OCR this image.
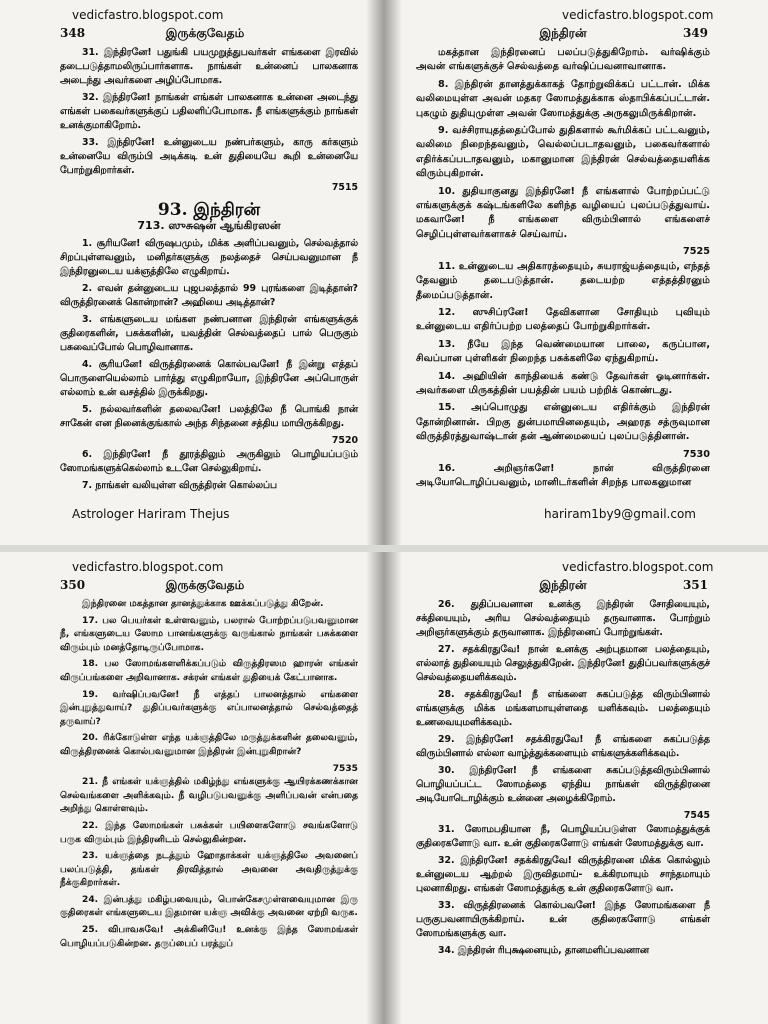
vedicfastro.blogspot.com
இருக்குவேதம்
348

31. இந்திரனே! பதுங்கி பயமுறுத்துபவர்கள் எங்களை இரவில் தடைபடுத்தாமலிருப்பார்களாக. நாங்கள் உன்னைப் பாலகனாக அடைந்து அவர்களை அழிப்போமாக.

32. இந்திரனே! நாங்கள் எங்கள் பாலகனாக உன்னை அடைந்து எங்கள் பகைவர்களுக்குப் பதிலளிப்போமாக. நீ எங்களுக்கும் நாங்கள் உனக்குமாகிறோம்.

33. இந்திரனே! உன்னுடைய நண்பர்களும், காரு கர்களும் உன்னையே விரும்பி அடிக்கடி உன் துதியையே கூறி உன்னையே போற்றுகிறார்கள்.

7515
93. இந்திரன்
713. ஸுசுஷன் ஆங்கிரஸன்

1. சூரியனே! விருஷபமும், மிக்க அளிப்பவனும், செல்வத்தால் சிறப்புள்ளவனும், மனிதர்களுக்கு நலத்தைச் செய்பவனுமான நீ இந்திரனுடைய யக்ஞத்திலே எழுகிறாய்.

2. எவன் தன்னுடைய புஜபலத்தால் 99 புரங்களை இடித்தான்? விருத்திரனைக் கொன்றான்? அஹியை அடித்தான்?

3. எங்களுடைய மங்கள நண்பனான இந்திரன் எங்களுக்குக் குதிரைகளின், பசுக்களின், யவத்தின் செல்வத்தைப் பால் பெருகும் பசுவைப்போல் பொழிவானாக.

4. சூரியனே! விருத்திரனைக் கொல்பவனே! நீ இன்று எத்தப் பொருளையெல்லாம் பார்த்து எழுகிறாயோ, இந்திரனே அப்பொருள் எல்லாம் உன் வசத்தில் இருக்கிறது.

5. நல்லவர்களின் தலைவனே! பலத்திலே நீ பொங்கி நான் சாகேன் என நினைக்குங்கால் அந்த சிந்தனை சத்திய மாயிருக்கிறது.

7520

6. இந்திரனே! நீ தூரத்திலும் அருகிலும் பொழியப்படும் ஸோமங்களுக்கெல்லாம் உடனே செல்லுகிறாய்.

7. நாங்கள் வலியுள்ள விருத்திரன் கொல்லப்ப

Astrologer Hariram Thejus
vedicfastro.blogspot.com
இந்திரன்	349

மகத்தான இந்திரனைப் பலப்படுத்துகிறோம். வர்ஷிக்கும் அவன் எங்களுக்குச் செல்வத்தை வர்ஷிப்பவனாவானாக.

8. இந்திரன் தானத்துக்காகத் தோற்றுவிக்கப் பட்டான். மிக்க வலிமையுள்ள அவன் மதகர ஸோமத்துக்காக ஸ்தாபிக்கப்பட்டான். புகழும் துதியுமுள்ள அவன் ஸோமத்துக்கு அருகலுமிருக்கிறான்.

9. வச்சிராயுதத்தைப்போல் துதிகளால் கூர்மிக்கப் பட்டவனும், வலிமை நிறைந்தவனும், வெல்லப்படாதவனும், பகைவர்களால் எதிர்க்கப்படாதவனும், மகானுமான இந்திரன் செல்வத்தையளிக்க விரும்புகிறான்.

10. துதியாகுனது இந்திரனே! நீ எங்களால் போற்றப்பட்டு எங்களுக்குக் கஷ்டங்களிலே களிந்த வழியைப் புலப்படுத்துவாய். மகவானே! நீ எங்களை விரும்பினால் எங்களைச் செழிப்புள்ளவர்களாகச் செய்வாய்.

7525

11. உன்னுடைய அதிகாரத்தையும், சுயராஜ்யத்தையும், எந்தத் தேவனும் தடைபடுத்தான். தடையற்ற எத்தத்திரனும் தீமைப்படுத்தான்.

12. ஸுசிப்ரனே! தேவிகளான சோதியும் புவியும் உன்னுடைய எதிர்ப்பற்ற பலத்தைப் போற்றுகிறார்கள்.

13. நீயே இந்த வெண்மையான பாலை, கருப்பான, சிவப்பான புள்ளிகள் நிறைந்த பசுக்களிலே ஏந்துகிறாய்.

14. அஹியின் காந்தியைக் கண்டு தேவர்கள் ஓடினார்கள். அவர்களை மிருகத்தின் பயத்தின் பயம் பற்றிக் கொண்டது.

15. அப்பொழுது என்னுடைய எதிர்க்கும் இந்திரன் தோன்றினான். பிறகு துன்பமாயினதையும், அஹரத சத்ருவுமான விருத்திரத்துவாஷ்டான் தன் ஆண்மையைப் புலப்படுத்தினான்.

7530

16.	அறிஞர்களே! நான் விருத்திரனை அடியோடொழிப்பவனும், மானிடர்களின் சிறந்த பாலகனுமான

hariram1by9@gmail.com
vedicfastro.blogspot.com
இருக்குவேதம்
350

இந்திரனை மகத்தான தானத்துக்காக ஊக்கப்படுத்து கிறேன்.

17. பல பெயர்கள் உள்ளவனும், பலரால் போற்றப்படுபவனுமான நீ, எங்களுடைய ஸோம பானங்களுக்கு வருங்கால் நாங்கள் பசுக்களை விரும்பும் மனத்தோடிருப்போமாக.

18. பல ஸோமங்களளிக்கப்படும் விருத்திரஸம ஹாரன் எங்கள் விருப்பங்களை அறிவானாக. சக்ரன் எங்கள் துதியைக் கேட்பானாக.

19. வர்ஷிப்பவனே! நீ எத்தப் பாலனத்தால் எங்களை இன்புறுத்துவாய்? துதிப்பவர்களுக்கு எப்பாலனத்தால் செல்வத்தைத் தருவாய்?

20. ரிக்கோடுள்ள எந்த யக்ஞத்திலே மருத்துக்களின் தலைவனும், விருத்திரனைக் கொல்பவனுமான இந்திரன் இன்புறுகிறான்?

7535

21. நீ எங்கள் யக்ஞத்தில் மகிழ்ந்து எங்களுக்கு ஆயிரக்கணக்கான செல்வங்களை அளிக்கவும். நீ வழிபடுபவனுக்கு அளிப்பவன் என்பதை அறிந்து கொள்ளவும்.

22. இந்த ஸோமங்கள் பசுக்கள் பயிளைகளோடு சவங்களோடு பருக விரும்பும் இந்திரனிடம் செல்லுகின்றன.

23. யக்ஞத்தை நடத்தும் ஹோதாக்கள் யக்ஞத்திலே அவனைப் பலப்படுத்தி, தங்கள் திரவித்தால் அவனை அவதிருத்துக்கு நீக்குகிறார்கள்.

24. இன்பத்து மகிழ்பவையும், பொன்கேசமுள்ளவையுமான இரு குதிரைகள் எங்களுடைய இதமான யக்ஞ அவிக்கு அவனை ஏற்றி வருக.

25. விபாவசுவே! அக்கினியே! உனக்கு இந்த ஸோமங்கள் பொழியப்படுகின்றன. தருப்பைப் பரத்துப்

vedicfastro.blogspot.com
இந்திரன்	351

26. துதிப்பவனான உனக்கு இந்திரன் சோதியையும், சக்தியையும், அரிய செல்வத்தையும் தருவானாக. போற்றும் அறிஞர்களுக்கும் தருவானாக. இந்திரனைப் போற்றுங்கள்.

27. சதக்கிரதுவே! நான் உனக்கு அற்புதமான பலத்தையும், எல்லாத் துதியையும் செலுத்துகிறேன். இந்திரனே! துதிப்பவர்களுக்குச் செல்வத்தையளிக்கவும்.

28. சதக்கிரதுவே! நீ எங்களை சுகப்படுத்த விரும்பினால் எங்களுக்கு மிக்க மங்களமாயுள்ளதை யளிக்கவும். பலத்தையும் உணவையுமளிக்கவும்.

29. இந்திரனே! சதக்கிரதுவே! நீ எங்களை சுகப்படுத்த விரும்பினால் எல்லா வாழ்த்துக்களையும் எங்களுக்களிக்கவும்.

30. இந்திரனே! நீ எங்களை சுகப்படுத்தவிரும்பினால் பொழியப்பட்ட ஸோமத்தை ஏந்திய நாங்கள் விருத்திரனை அடியோடொழிக்கும் உன்னை அழைக்கிறோம்.

7545

31. ஸோமபதியான நீ, பொழியப்படுள்ள ஸோமத்துக்குக் குதிரைகளோடு வா. உன் குதிரைகளோடு எங்கள் ஸோமத்துக்கு வா.

32. இந்திரனே! சதக்கிரதுவே! விருத்திரனை மிக்க கொல்லும் உன்னுடைய ஆற்றல் இருவிதமாய்- உக்கிரமாயும் சாந்தமாயும் புலனாகிறது. எங்கள் ஸோமத்துக்கு உன் குதிரைகளோடு வா.

33. விருத்திரனைக் கொல்பவனே! இந்த ஸோமங்களை நீ பருகுபவனாயிருக்கிறாய். உன் குதிரைகளோடு எங்கள் ஸோமங்களுக்கு வா.

34. இந்திரன் ரிபுக்ஷனையும், தானமளிப்பவனான
